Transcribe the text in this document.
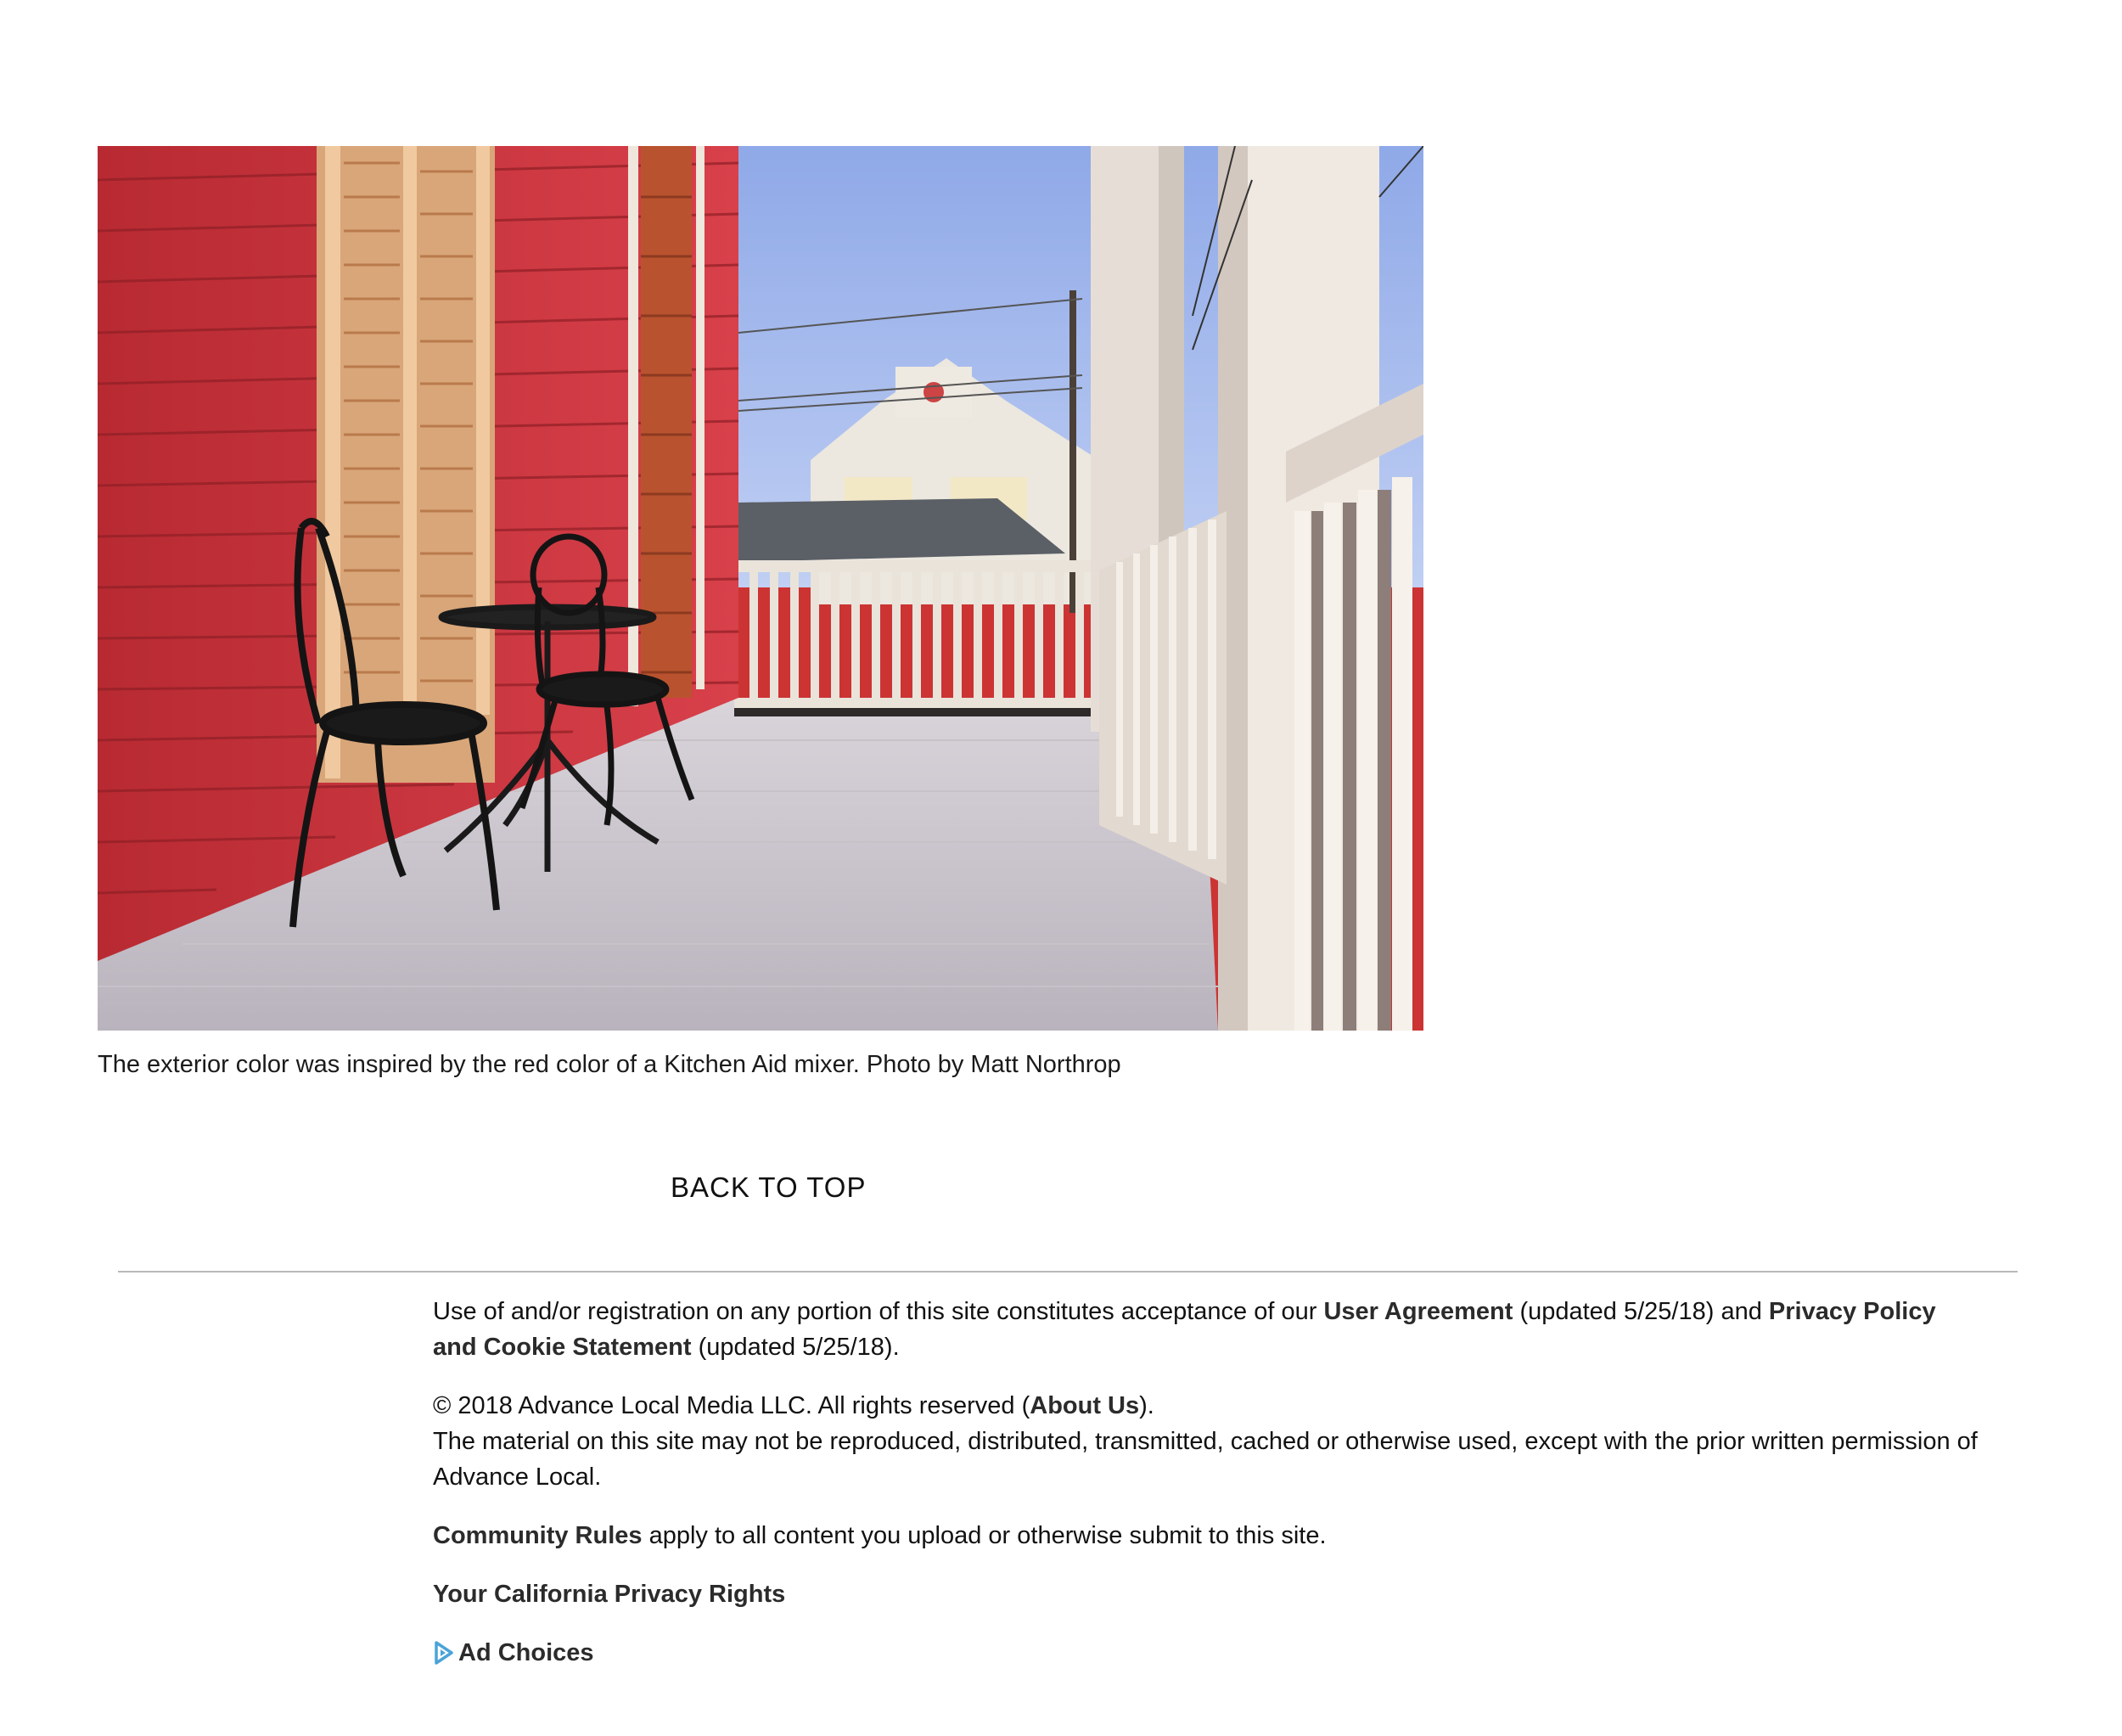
The exterior color was inspired by the red color of a Kitchen Aid mixer. Photo by Matt Northrop
BACK TO TOP

Use of and/or registration on any portion of this site constitutes acceptance of our User Agreement (updated 5/25/18) and Privacy Policy and Cookie Statement (updated 5/25/18).

© 2018 Advance Local Media LLC. All rights reserved (About Us).
The material on this site may not be reproduced, distributed, transmitted, cached or otherwise used, except with the prior written permission of Advance Local.

Community Rules apply to all content you upload or otherwise submit to this site.

Your California Privacy Rights

Ad Choices
